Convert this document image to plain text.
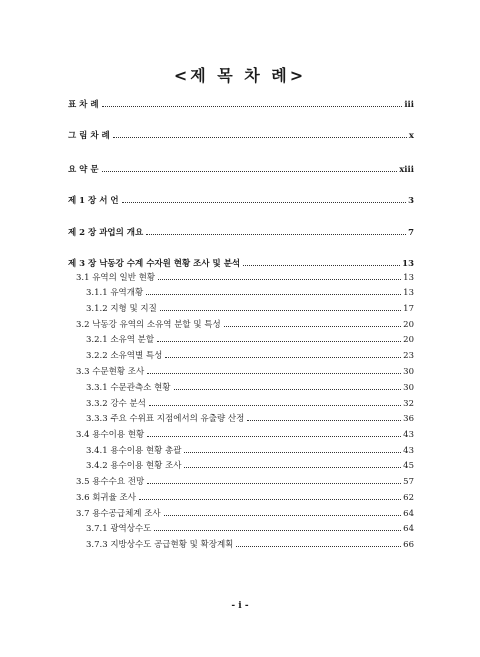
<제 목 차 례>
표 차 례	iii
그 림 차 례	x
요 약 문	xiii
제 1 장 서 언	3
제 2 장 과업의 개요	7
제 3 장 낙동강 수계 수자원 현황 조사 및 분석	13
3.1 유역의 일반 현황	13
3.1.1 유역개황	13
3.1.2 지형 및 지질	17
3.2 낙동강 유역의 소유역 분할 및 특성	20
3.2.1 소유역 분할	20
3.2.2 소유역별 특성	23
3.3 수문현황 조사	30
3.3.1 수문관측소 현황	30
3.3.2 강수 분석	32
3.3.3 주요 수위표 지점에서의 유출량 산정	36
3.4 용수이용 현황	43
3.4.1 용수이용 현황 총괄	43
3.4.2 용수이용 현황 조사	45
3.5 용수수요 전망	57
3.6 회귀율 조사	62
3.7 용수공급체계 조사	64
3.7.1 광역상수도	64
3.7.3 지방상수도 공급현황 및 확장계획	66
- i -
